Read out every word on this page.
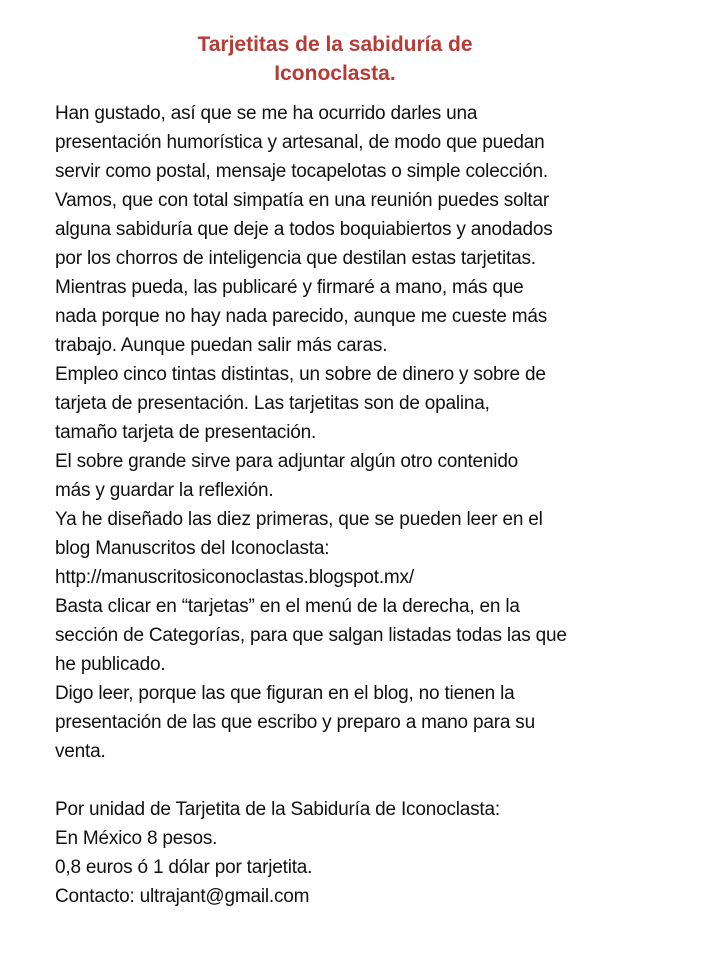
Tarjetitas de la sabiduría de
Iconoclasta.

Han gustado, así que se me ha ocurrido darles una

presentación humorística y artesanal, de modo que puedan

servir como postal, mensaje tocapelotas o simple colección.

Vamos, que con total simpatía en una reunión puedes soltar

alguna sabiduría que deje a todos boquiabiertos y anodados

por los chorros de inteligencia que destilan estas tarjetitas.

Mientras pueda, las publicaré y firmaré a mano, más que

nada porque no hay nada parecido, aunque me cueste más

trabajo. Aunque puedan salir más caras.

Empleo cinco tintas distintas, un sobre de dinero y sobre de

tarjeta de presentación. Las tarjetitas son de opalina,

tamaño tarjeta de presentación.

El sobre grande sirve para adjuntar algún otro contenido

más y guardar la reflexión.

Ya he diseñado las diez primeras, que se pueden leer en el

blog Manuscritos del Iconoclasta:

http://manuscritosiconoclastas.blogspot.mx/

Basta clicar en “tarjetas” en el menú de la derecha, en la

sección de Categorías, para que salgan listadas todas las que

he publicado.

Digo leer, porque las que figuran en el blog, no tienen la

presentación de las que escribo y preparo a mano para su

venta.

Por unidad de Tarjetita de la Sabiduría de Iconoclasta:

En México 8 pesos.

0,8 euros ó 1 dólar por tarjetita.

Contacto: ultrajant@gmail.com
